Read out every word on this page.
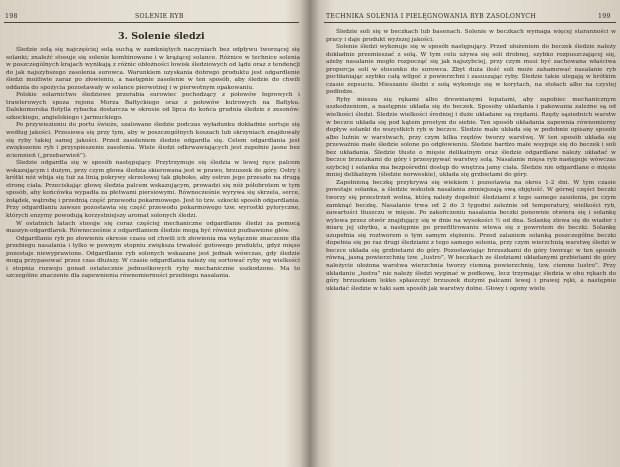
198	SOLENIE RYB
3. Solenie śledzi

Śledzie solą się najczęściej solą suchą w zamkniętych naczyniach bez odpływu tworzącej się solanki; znaleźć stosuje się solenie kombinowane i w krążącej solance. Różnice w technice solenia w poszczególnych krajach wynikają z różnic obłożności łowisk śledziowych od lądu oraz z tendencji do jak najszybszego zasolenia surowca. Warunkiem uzyskania dobrego produktu jest odgardlenie śledzi możliwie zaraz po złowieniu, a następnie zasolenie w ten sposób, aby śledzie do chwili oddania do spożycia pozostawały w solance pierwotnej i w pierwotnym opakowaniu.

Polskie solarnictwo śledziowe przerabia surowiec pochodzący z połowów łogrowych i trawlerowych spoza rejonu Morza Bałtyckiego oraz z połowów kutrowych na Bałtyku. Dalekomorska flotylla rybacka dostarcza w okresie od lipca do końca grudnia śledzie z zesonów: szkockiego, angielskiego i jarmuckiego.

Po przywiezieniu do portu świeże, szalowane śledzie podczas wyładunku dokładnie sortuje się według jakości. Przesiewa się przy tym, aby w poszczególnych koszach lub skrzyniach znajdowały się ryby takiej samej jakości. Przed zasoleniem śledzie odgardla się. Celem odgardlania jest zwiększenie ryb i przyspieszenie zasolenia. Wiele śledzi odkrwawiających jest zupełnie jasne bez zciemnień („przebarwień”).

Śledzie odgardla się w sposób następujący. Przytrzymuje się śledzia w lewej ręce palcem wskazującym i dużym, przy czym głowa śledzia skierowana jest w prawo, brzuszek do góry. Ostry i krótki nóż wbija się tuż za linią pokrywy skrzelowej tak głęboko, aby ostrze jego przeszło na drugą stronę ciała. Przeciskając głowę śledzia palcem wskazującym, prowadzi się nóż półobrotem w tym sposób, aby końcówka wypadła za płetwami piersiowymi. Równocześnie wyrywa się skrzela, serce, żołądek, wątrobę i przednią część przewodu pokarmowego. Jest to tzw. szkocki sposób odgardlania. Przy odgardlaniu zawsze pozostawia się część przewodu pokarmowego tzw. wyrostki pyloryczne, których enzymy powodują korzystniejszy aromat solonych śledzi.

W ostatnich latach stosuje się coraz częściej mechaniczne odgardlanie śledzi za pomocą maszyn-odgardlarek. Równocześnie z odgardlaniem śledzie mogą być również pozbawione głów.

Odgardlanie ryb po złowieniu okresie czasu od chwili ich złowienia ma wyłącznie znaczenie dla przebiegu nasalania i tylko w pewnym stopniu zwiększa trwałość gotowego produktu, gdyż mięso pozostaje niewyprawione. Odgardlanie ryb solonych wskazane jest jednak wówczas, gdy śledzie mogą przypasować przez czas dłuższy. W czasie odgardlania należy się sortować ryby wg wielkości i stopnia rozwoju gonad ostatecznie jednostkowych ryby mechanicznie uszkodzone. Ma to szczególne znaczenie dla zapewnienia równomierności przebiegu nasalania.

TECHNIKA SOLENIA I PIELĘGNOWANIA RYB ZASOLONYCH	199

Śledzie soli się w beczkach lub basenach. Solenie w beczkach wymaga więcej staranności w pracy i daje produkt wyższej jakości.

Solenie śledzi wykonuje się w sposób następujący. Przed ułożeniem do beczek śledzie należy dokładnie przemieszać z solą. W tym celu używa się soli drobnej, szybko rozpuszczającej się, ażeby nasalanie mogło rozpocząć się jak najszybciej, przy czym musi być zachowana właściwa proporcja soli w stosunku do surowca. Zbyt duża ilość soli może zahamować nasalanie ryb pochłaniając szybko całą wilgoć z powierzchni i zasuszając ryby. Śledzie takie ulegają w krótkim czasie zepsuciu. Mieszanie śledzi z solą wykonuje się w korytach, na stołach albo na czystej podłodze.

Ryby miesza się rękami albo drewnianymi łopatami, aby zapobiec mechanicznym uszkodzeniom, a następnie układa się do beczek. Sposoby układania i pakowania zależne są od wielkości śledzi. Śledzie wielkości średniej i duże układane są rzędami. Rzędy sąsiednich warstw w beczce układa się pod kątem prostym do siebie. Ten sposób układania zapewnia równomierny dopływ solanki do wszystkich ryb w beczce. Śledzie małe układa się w podobnie opisany sposób albo luźnie w warstwach, przy czym kilka rzędów tworzy warstwę. W ten sposób układa się przeważnie małe śledzie solone po odgłowieniu. Śledzie bardzo małe wsypuje się do beczek i soli bez układania. Śledzie tłuste o mięsie delikatnym oraz śledzie odgardlane należy układać w beczce brzuszkami do góry i przesypywać warstwy solą. Nasalanie mięsa ryb następuje wówczas szybciej i solanka ma bezpośredni dostęp do wnętrza jamy ciała. Śledzie nie odgardlane o mięsie mniej delikatnym (śledzie norweskie), układa się grzbietami do góry.

Zapełnioną beczkę przykrywa się wiekiem i pozostawia na okres 1-2 dni. W tym czasie powstaje solanka, a śledzie wskutek nasalania zmniejszają swą objętość. W górnej części beczki tworzy się przestrzeń wolna, którą należy dopełnić śledziami z tego samego zasolenia, po czym zamknąć beczkę. Nasalanie trwa od 2 do 3 tygodni zależnie od temperatury, wielkości ryb, zawartości tłuszczu w mięsie. Po zakończeniu nasalania beczki ponownie otwiera się i solankę wylewa przez otwór znajdujący się w dnie na wysokości ½ od dna. Solankę zlewa się do wiader i miarę jej ubytku, a następnie po przefiltrowaniu wlewa się z powrotem do beczki. Solankę uzupełnia się roztworem o tym samym stężeniu. Przed zalaniem solanką poszczególne beczki dopełnia się po raz drugi śledziami z tego samego solenia, przy czym wierzchnią warstwę śledzi w beczce układa się grzbietami do góry. Pozostawiając brzuszkami do góry tworząc w ten sposób równą, jasną powierzchnię tzw. „lustro”. W beczkach ze śledziami układanymi grzbietami do góry należycie ułożona warstwa wierzchnia tworzy ciemną powierzchnię, tzw. ciemne lustro”. Przy układaniu „lustra” nie należy śledzi wyginać w podkowę, lecz trzymając śledzia w obu rękach do góry brzuszkiem lekko spłaszczyć brzuszek dużymi palcami lewej i prawej ręki, a następnie układać śledzie w taki sam sposób jak warstwy dolne. Głowy i ogony wielu
